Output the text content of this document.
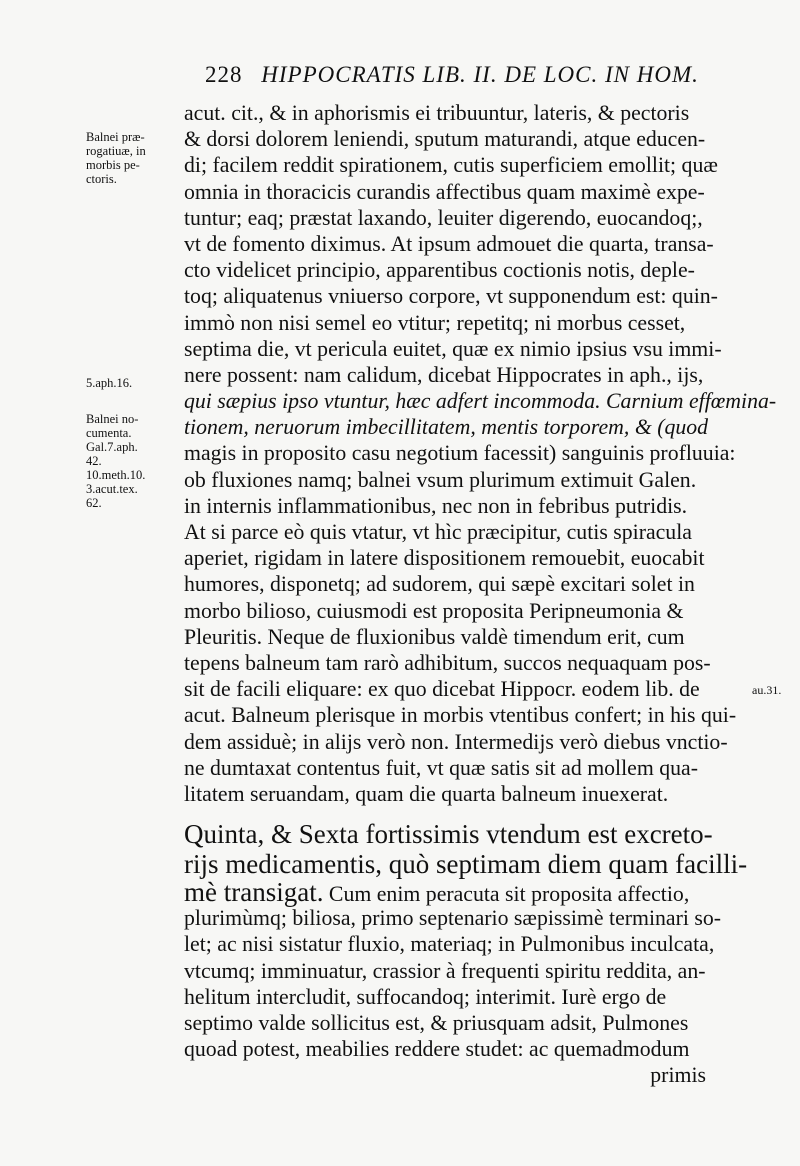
228 HIPPOCRATIS LIB. II. DE LOC. IN HOM.
Balnei præ-
rogatiuæ, in
morbis pe-
ctoris.
5.aph.16.
Balnei no-
cumenta.
Gal.7.aph.
42.
10.meth.10.
3.acut.tex.
62.
au.31.
acut. cit., & in aphorismis ei tribuuntur, lateris, & pectoris
& dorsi dolorem leniendi, sputum maturandi, atque educen-
di; facilem reddit spirationem, cutis superficiem emollit; quæ
omnia in thoracicis curandis affectibus quam maximè expe-
tuntur; eaq; præstat laxando, leuiter digerendo, euocandoq;,
vt de fomento diximus. At ipsum admouet die quarta, transa-
cto videlicet principio, apparentibus coctionis notis, deple-
toq; aliquatenus vniuerso corpore, vt supponendum est: quin-
immò non nisi semel eo vtitur; repetitq; ni morbus cesset,
septima die, vt pericula euitet, quæ ex nimio ipsius vsu immi-
nere possent: nam calidum, dicebat Hippocrates in aph., ijs,
qui sæpius ipso vtuntur, hæc adfert incommoda. Carnium effœmina-
tionem, neruorum imbecillitatem, mentis torporem, & (quod
magis in proposito casu negotium facessit) sanguinis profluuia:
ob fluxiones namq; balnei vsum plurimum extimuit Galen.
in internis inflammationibus, nec non in febribus putridis.
At si parce eò quis vtatur, vt hìc præcipitur, cutis spiracula
aperiet, rigidam in latere dispositionem remouebit, euocabit
humores, disponetq; ad sudorem, qui sæpè excitari solet in
morbo bilioso, cuiusmodi est proposita Peripneumonia &
Pleuritis. Neque de fluxionibus valdè timendum erit, cum
tepens balneum tam rarò adhibitum, succos nequaquam pos-
sit de facili eliquare: ex quo dicebat Hippocr. eodem lib. de
acut. Balneum plerisque in morbis vtentibus confert; in his qui-
dem assiduè; in alijs verò non. Intermedijs verò diebus vnctio-
ne dumtaxat contentus fuit, vt quæ satis sit ad mollem qua-
litatem seruandam, quam die quarta balneum inuexerat.
Quinta, & Sexta fortissimis vtendum est excreto-
rijs medicamentis, quò septimam diem quam facilli-
mè transigat. Cum enim peracuta sit proposita affectio,
plurimùmq; biliosa, primo septenario sæpissimè terminari so-
let; ac nisi sistatur fluxio, materiaq; in Pulmonibus inculcata,
vtcumq; imminuatur, crassior à frequenti spiritu reddita, an-
helitum intercludit, suffocandoq; interimit. Iurè ergo de
septimo valde sollicitus est, & priusquam adsit, Pulmones
quoad potest, meabilies reddere studet: ac quemadmodum
primis
